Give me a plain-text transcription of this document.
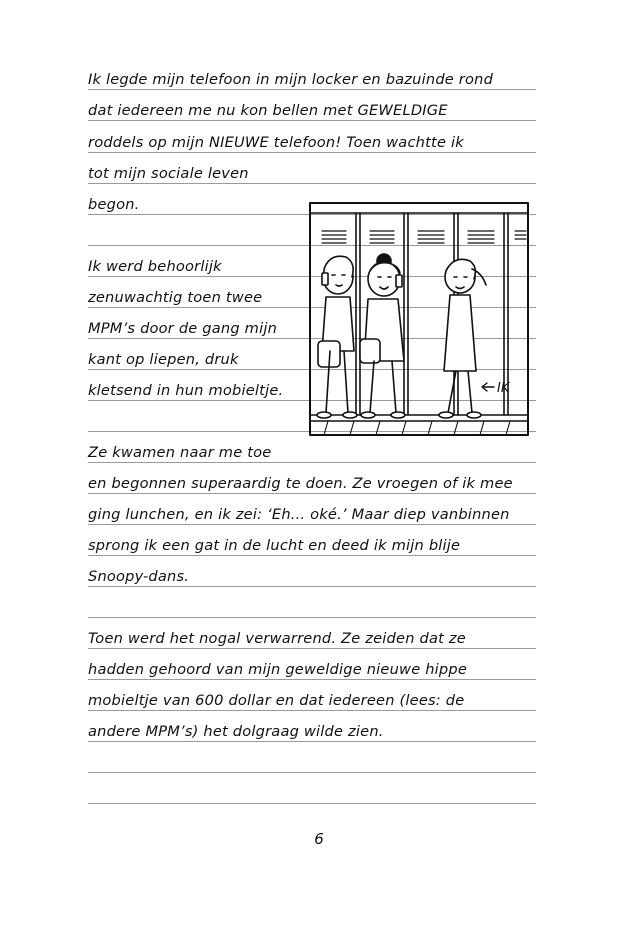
Ik legde mijn telefoon in mijn locker en bazuinde rond
dat iedereen me nu kon bellen met GEWELDIGE
roddels op mijn NIEUWE telefoon! Toen wachtte ik
tot mijn sociale leven
begon.
Ik werd behoorlijk
zenuwachtig toen twee
MPM’s door de gang mijn
kant op liepen, druk
kletsend in hun mobieltje.
Ze kwamen naar me toe
en begonnen superaardig te doen. Ze vroegen of ik mee
ging lunchen, en ik zei: ‘Eh... oké.’ Maar diep vanbinnen
sprong ik een gat in de lucht en deed ik mijn blije
Snoopy-dans.
Toen werd het nogal verwarrend. Ze zeiden dat ze
hadden gehoord van mijn geweldige nieuwe hippe
mobieltje van 600 dollar en dat iedereen (lees: de
andere MPM’s) het dolgraag wilde zien.
IK
6
